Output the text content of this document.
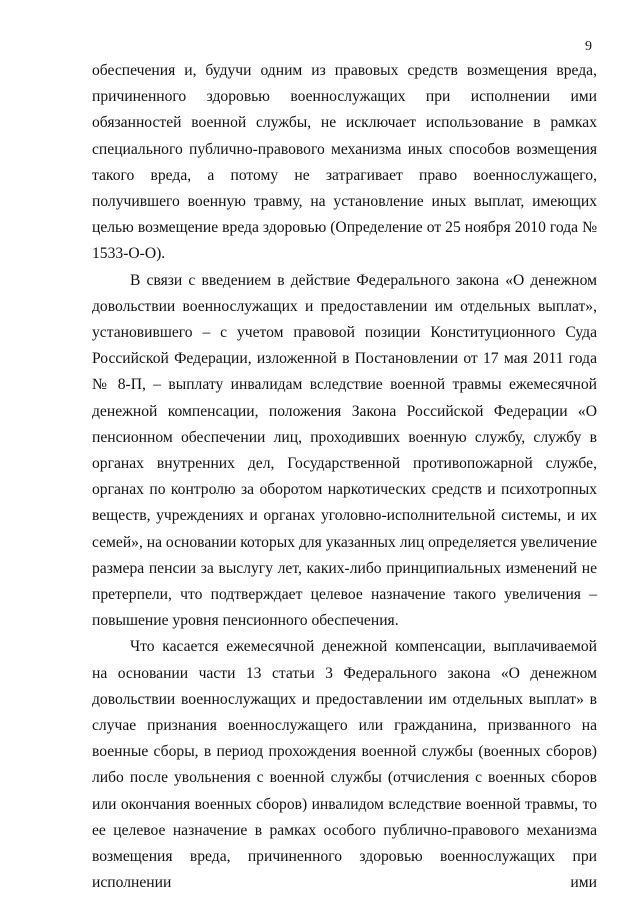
9

обеспечения и, будучи одним из правовых средств возмещения вреда, причиненного здоровью военнослужащих при исполнении ими обязанностей военной службы, не исключает использование в рамках специального публично-правового механизма иных способов возмещения такого вреда, а потому не затрагивает право военнослужащего, получившего военную травму, на установление иных выплат, имеющих целью возмещение вреда здоровью (Определение от 25 ноября 2010 года № 1533-О-О).

В связи с введением в действие Федерального закона «О денежном довольствии военнослужащих и предоставлении им отдельных выплат», установившего – с учетом правовой позиции Конституционного Суда Российской Федерации, изложенной в Постановлении от 17 мая 2011 года № 8-П, – выплату инвалидам вследствие военной травмы ежемесячной денежной компенсации, положения Закона Российской Федерации «О пенсионном обеспечении лиц, проходивших военную службу, службу в органах внутренних дел, Государственной противопожарной службе, органах по контролю за оборотом наркотических средств и психотропных веществ, учреждениях и органах уголовно-исполнительной системы, и их семей», на основании которых для указанных лиц определяется увеличение размера пенсии за выслугу лет, каких-либо принципиальных изменений не претерпели, что подтверждает целевое назначение такого увеличения – повышение уровня пенсионного обеспечения.

Что касается ежемесячной денежной компенсации, выплачиваемой на основании части 13 статьи 3 Федерального закона «О денежном довольствии военнослужащих и предоставлении им отдельных выплат» в случае признания военнослужащего или гражданина, призванного на военные сборы, в период прохождения военной службы (военных сборов) либо после увольнения с военной службы (отчисления с военных сборов или окончания военных сборов) инвалидом вследствие военной травмы, то ее целевое назначение в рамках особого публично-правового механизма возмещения вреда, причиненного здоровью военнослужащих при исполнении ими
